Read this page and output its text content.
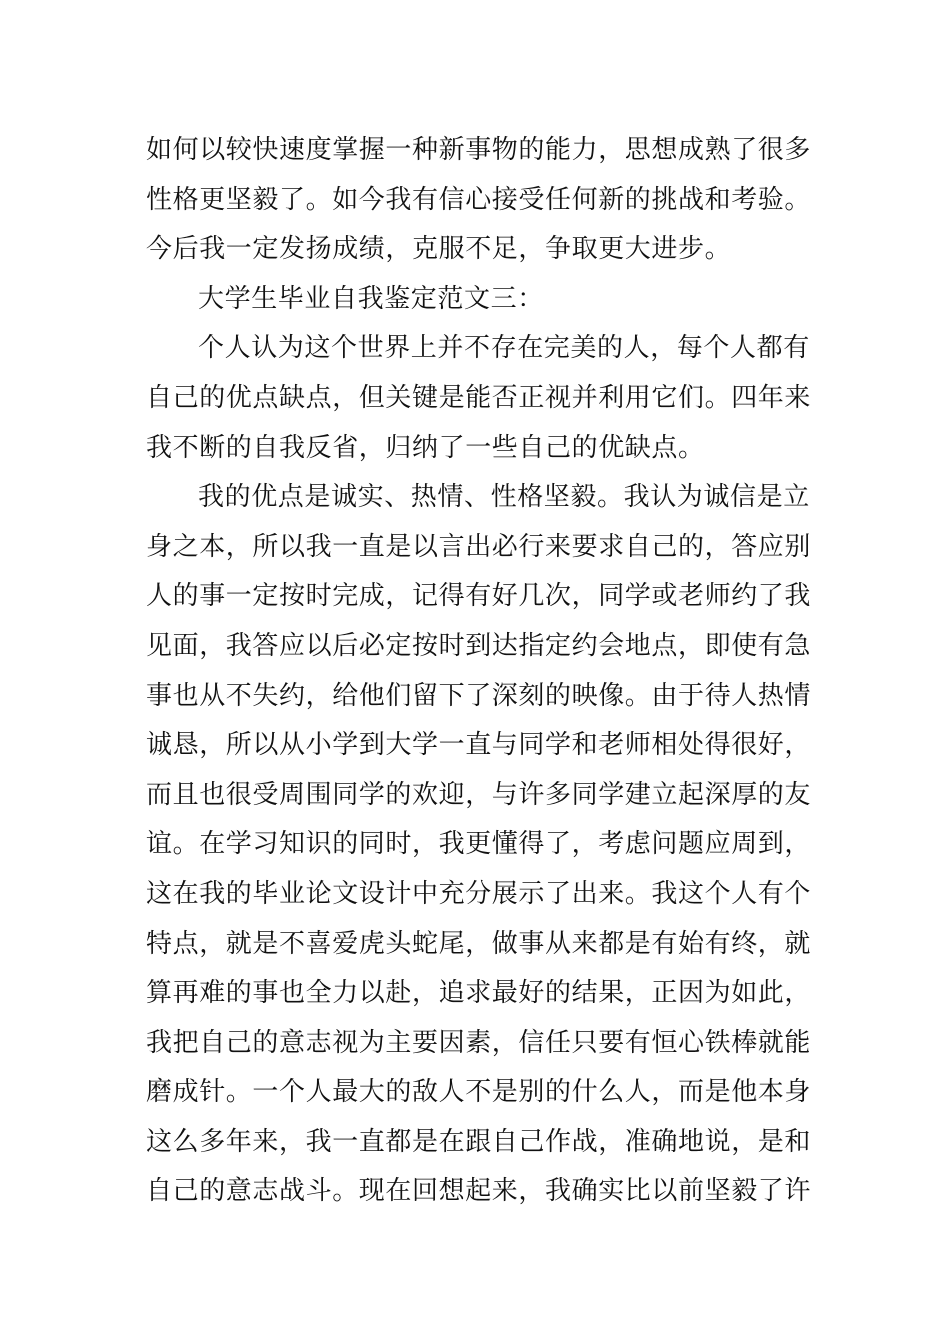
如何以较快速度掌握一种新事物的能力，思想成熟了很多
性格更坚毅了。如今我有信心接受任何新的挑战和考验。
今后我一定发扬成绩，克服不足，争取更大进步。
大学生毕业自我鉴定范文三：
个人认为这个世界上并不存在完美的人，每个人都有
自己的优点缺点，但关键是能否正视并利用它们。四年来
我不断的自我反省，归纳了一些自己的优缺点。
我的优点是诚实、热情、性格坚毅。我认为诚信是立
身之本，所以我一直是以言出必行来要求自己的，答应别
人的事一定按时完成，记得有好几次，同学或老师约了我
见面，我答应以后必定按时到达指定约会地点，即使有急
事也从不失约，给他们留下了深刻的映像。由于待人热情
诚恳，所以从小学到大学一直与同学和老师相处得很好，
而且也很受周围同学的欢迎，与许多同学建立起深厚的友
谊。在学习知识的同时，我更懂得了，考虑问题应周到，
这在我的毕业论文设计中充分展示了出来。我这个人有个
特点，就是不喜爱虎头蛇尾，做事从来都是有始有终，就
算再难的事也全力以赴，追求最好的结果，正因为如此，
我把自己的意志视为主要因素，信任只要有恒心铁棒就能
磨成针。一个人最大的敌人不是别的什么人，而是他本身
这么多年来，我一直都是在跟自己作战，准确地说，是和
自己的意志战斗。现在回想起来，我确实比以前坚毅了许
